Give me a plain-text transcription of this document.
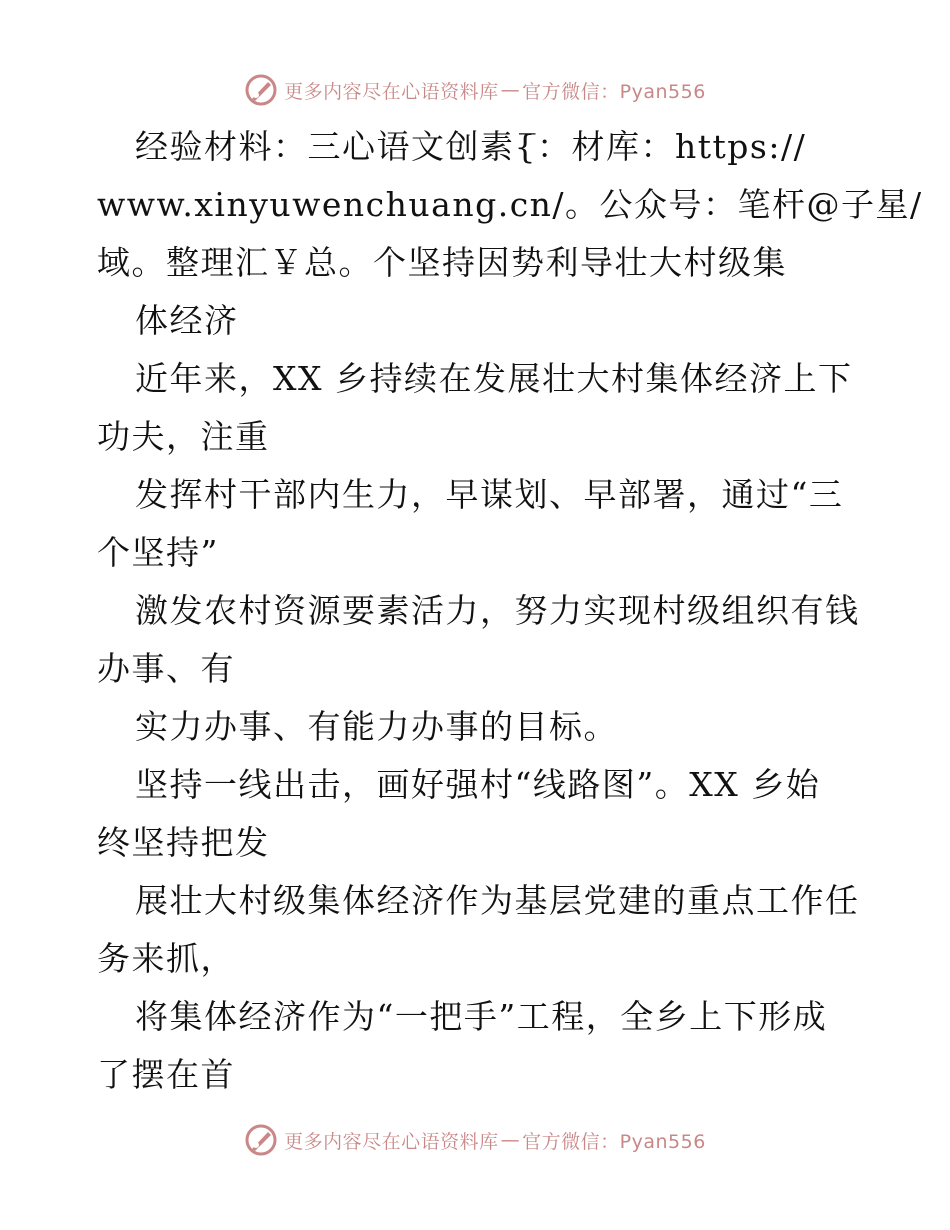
更多内容尽在心语资料库 — 官方微信：Pyan556
经验材料：三心语文创素{̅：材库：https://
www.xinyuwenchuang.cn/。公众号：笔杆@子星/
域。整理汇￥总。个坚持因势利导壮大村级集
体经济
近年来，XX 乡持续在发展壮大村集体经济上下
功夫，注重
发挥村干部内生力，早谋划、早部署，通过“三
个坚持”
激发农村资源要素活力，努力实现村级组织有钱
办事、有
实力办事、有能力办事的目标。
坚持一线出击，画好强村“线路图”。XX 乡始
终坚持把发
展壮大村级集体经济作为基层党建的重点工作任
务来抓，
将集体经济作为“一把手”工程，全乡上下形成
了摆在首
更多内容尽在心语资料库 — 官方微信：Pyan556
